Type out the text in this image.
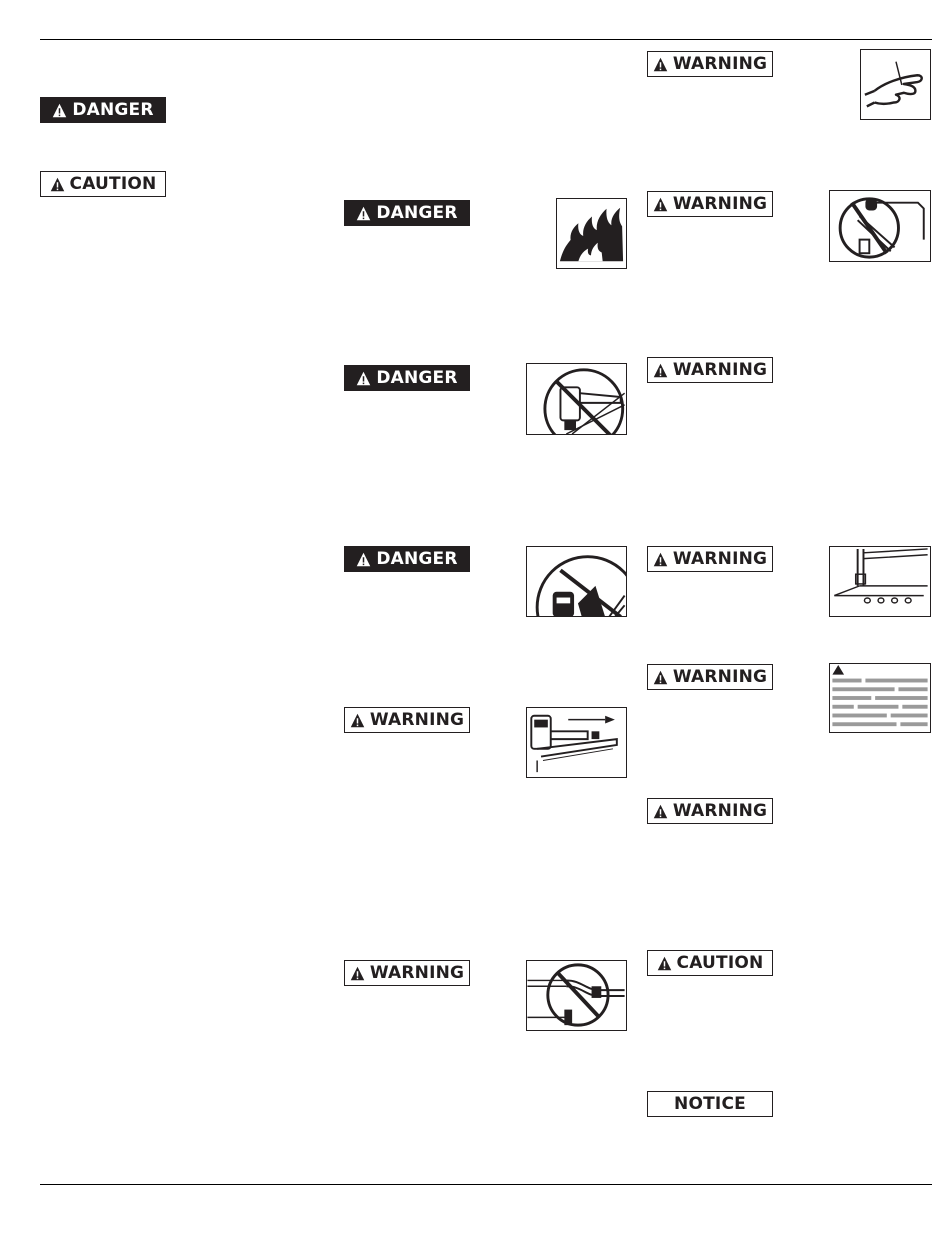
DANGER
CAUTION
DANGER
DANGER
DANGER
WARNING
WARNING
WARNING
WARNING
WARNING
WARNING
WARNING
WARNING
CAUTION
NOTICE
